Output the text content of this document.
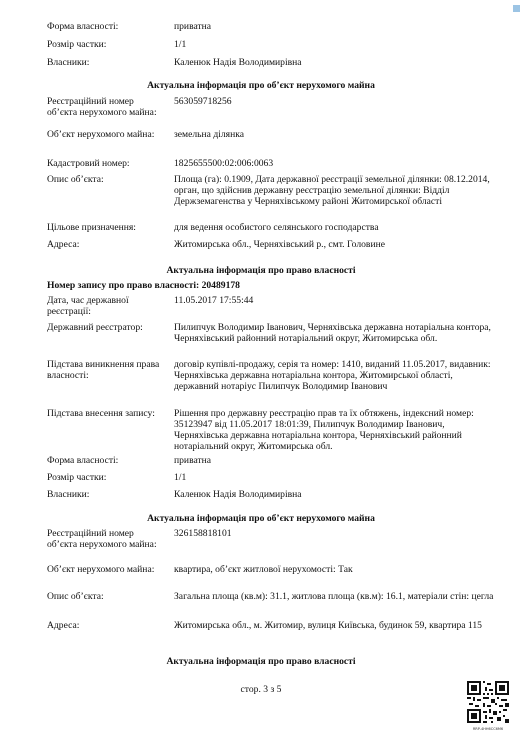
Форма власності:	приватна
Розмір частки:	1/1
Власники:	Каленюк Надія Володимирівна
Актуальна інформація про об’єкт нерухомого майна
Реєстраційний номер об’єкта нерухомого майна:
563059718256
Об’єкт нерухомого майна:	земельна ділянка
Кадастровий номер:	1825655500:02:006:0063
Опис об’єкта:	Площа (га): 0.1909, Дата державної реєстрації земельної ділянки: 08.12.2014, орган, що здійснив державну реєстрацію земельної ділянки: Відділ Держземагенства у Черняхівському районі Житомирської області
Цільове призначення:	для ведення особистого селянського господарства
Адреса:	Житомирська обл., Черняхівський р., смт. Головине
Актуальна інформація про право власності
Номер запису про право власності: 20489178
Дата, час державної реєстрації:
11.05.2017 17:55:44
Державний реєстратор:	Пилипчук Володимир Іванович, Черняхівська державна нотаріальна контора, Черняхівський районний нотаріальний округ, Житомирська обл.
Підстава виникнення права власності:
договір купівлі-продажу, серія та номер: 1410, виданий 11.05.2017, видавник: Черняхівська державна нотаріальна контора, Житомирської області, державний нотаріус Пилипчук Володимир Іванович
Підстава внесення запису:	Рішення про державну реєстрацію прав та їх обтяжень, індексний номер: 35123947 від 11.05.2017 18:01:39, Пилипчук Володимир Іванович, Черняхівська державна нотаріальна контора, Черняхівський районний нотаріальний округ, Житомирська обл.
Форма власності:	приватна
Розмір частки:	1/1
Власники:	Каленюк Надія Володимирівна
Актуальна інформація про об’єкт нерухомого майна
Реєстраційний номер об’єкта нерухомого майна:
326158818101
Об’єкт нерухомого майна:	квартира, об’єкт житлової нерухомості: Так
Опис об’єкта:	Загальна площа (кв.м): 31.1, житлова площа (кв.м): 16.1, матеріали стін: цегла
Адреса:	Житомирська обл., м. Житомир, вулиця Київська, будинок 59, квартира 115
Актуальна інформація про право власності
стор. 3 з 5
RRP-4HH6CC6M6
